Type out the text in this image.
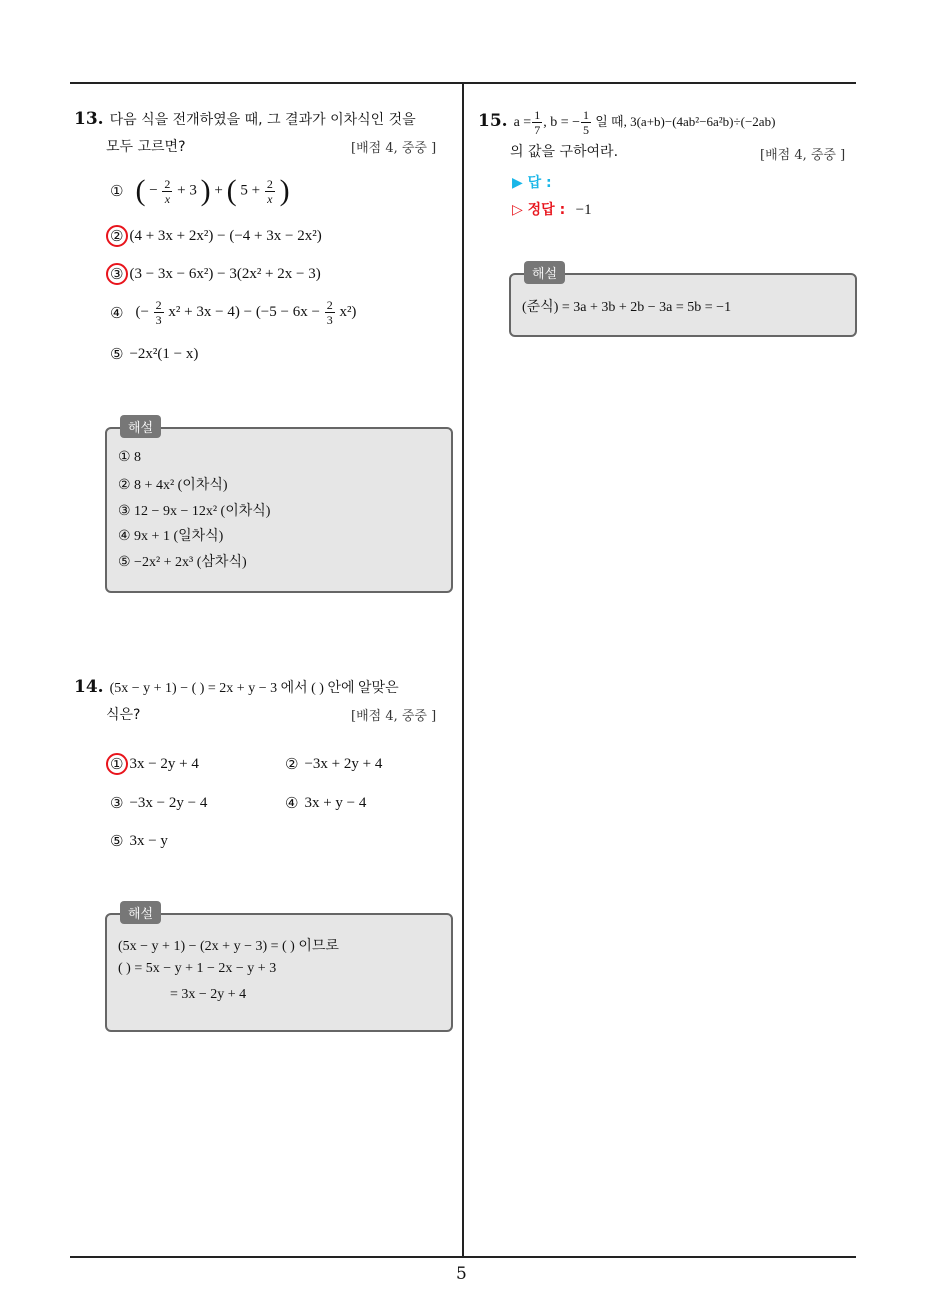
5
13. 다음 식을 전개하였을 때, 그 결과가 이차식인 것을
모두 고르면?	[배점 4, 중중 ]
① ( − $\frac{2}{x} + 3$ ) + ( $5 + \frac{2}{x}$ )
② (4 + 3x + 2x²) − (−4 + 3x − 2x²)
③ (3 − 3x − 6x²) − 3(2x² + 2x − 3)
④ (− $\frac{2}{3} x^2 + 3x - 4) - (-5 - 6x - \frac{2}{3} x^2)$
⑤ −2x²(1 − x)
해설
① 8
② 8 + 4x² (이차식)
③ 12 − 9x − 12x² (이차식)
④ 9x + 1 (일차식)
⑤ −2x² + 2x³ (삼차식)
14. (5x − y + 1) − ( ) = 2x + y − 3 에서 ( ) 안에 알맞은
식은?	[배점 4, 중중 ]
① 3x − 2y + 4	② −3x + 2y + 4
③ −3x − 2y − 4	④ 3x + y − 4
⑤ 3x − y
해설
(5x − y + 1) − (2x + y − 3) = ( ) 이므로
( ) = 5x − y + 1 − 2x − y + 3
= 3x − 2y + 4
15. $a = \frac{1}{7}$ , b = − $\frac{1}{5}$ 일 때, 3(a+b)−(4ab²−6a²b)÷(−2ab)
의 값을 구하여라.	[배점 4, 중중 ]
▶ 답 :
▷ 정답 : −1
해설
(준식) = 3a + 3b + 2b − 3a = 5b = −1
